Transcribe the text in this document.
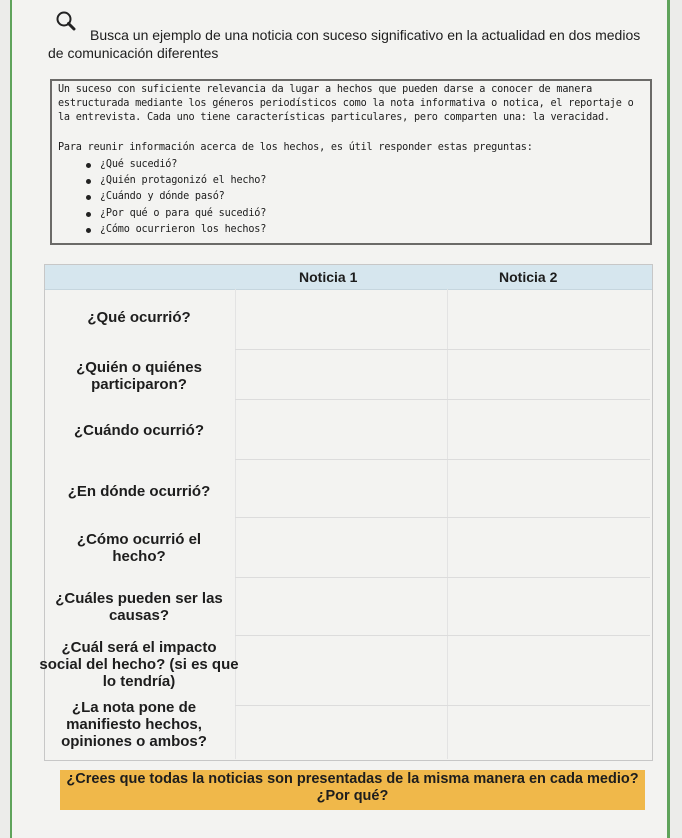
Busca un ejemplo de una noticia con suceso significativo en la actualidad en dos medios de comunicación diferentes

Un suceso con suficiente relevancia da lugar a hechos que pueden darse a conocer de manera estructurada mediante los géneros periodísticos como la nota informativa o notica, el reportaje o la entrevista. Cada uno tiene características particulares, pero comparten una: la veracidad.

Para reunir información acerca de los hechos, es útil responder estas preguntas:

¿Qué sucedió?
¿Quién protagonizó el hecho?
¿Cuándo y dónde pasó?
¿Por qué o para qué sucedió?
¿Cómo ocurrieron los hechos?
Noticia 1	Noticia 2
¿Qué ocurrió?
¿Quién o quiénes participaron?
¿Cuándo ocurrió?
¿En dónde ocurrió?
¿Cómo ocurrió el hecho?
¿Cuáles pueden ser las causas?
¿Cuál será el impacto social del hecho? (si es que lo tendría)
¿La nota pone de manifiesto hechos, opiniones o ambos?
¿Crees que todas la noticias son presentadas de la misma manera en cada medio?¿Por qué?
